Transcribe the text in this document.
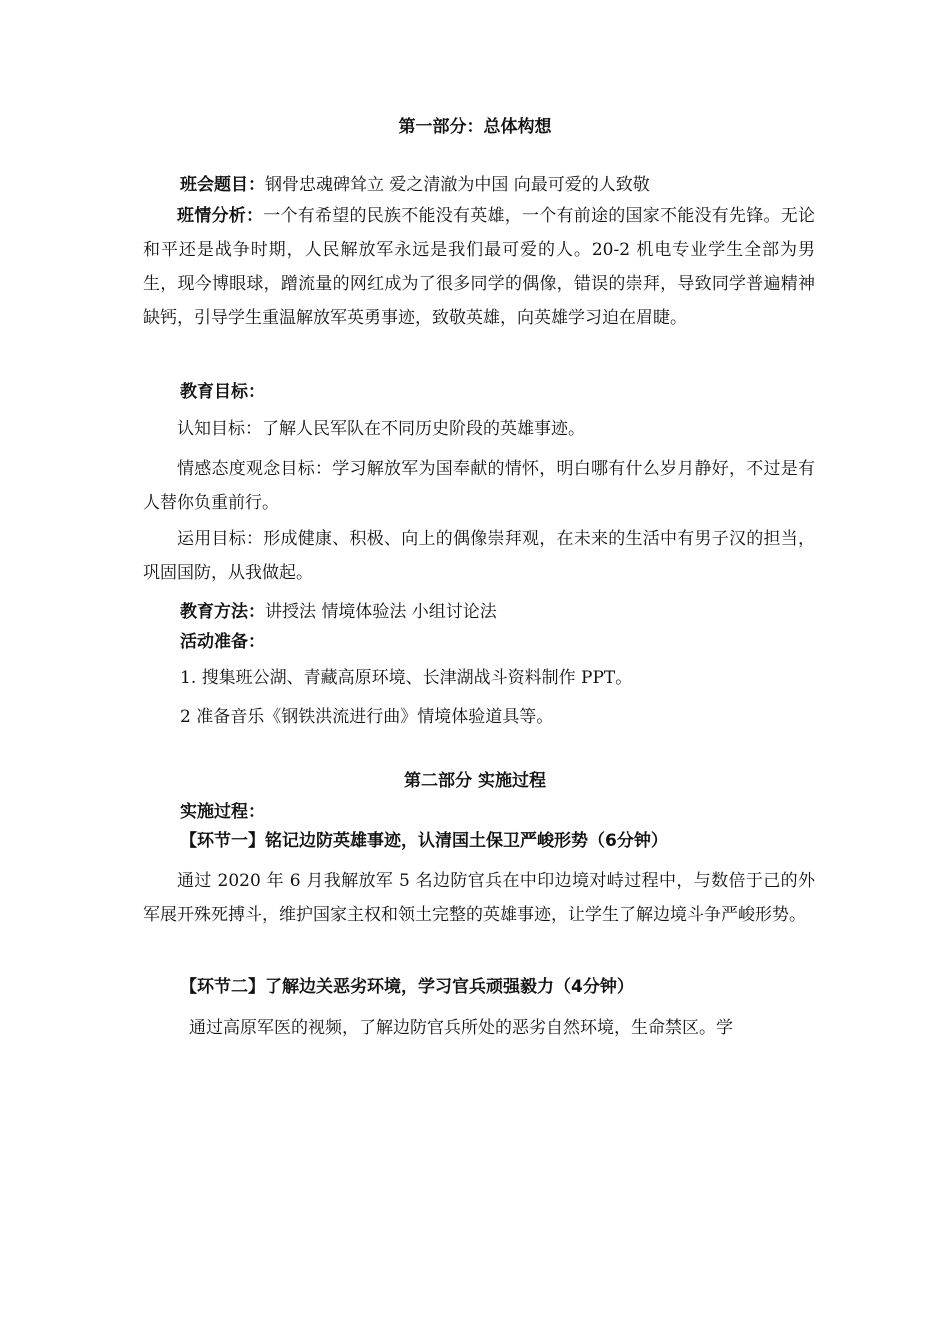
第一部分：总体构想
班会题目：钢骨忠魂碑耸立 爱之清澈为中国 向最可爱的人致敬
班情分析：一个有希望的民族不能没有英雄，一个有前途的国家不能没有先锋。无论和平还是战争时期，人民解放军永远是我们最可爱的人。20-2 机电专业学生全部为男生，现今博眼球，蹭流量的网红成为了很多同学的偶像，错误的崇拜，导致同学普遍精神缺钙，引导学生重温解放军英勇事迹，致敬英雄，向英雄学习迫在眉睫。
教育目标：
认知目标：了解人民军队在不同历史阶段的英雄事迹。
情感态度观念目标：学习解放军为国奉献的情怀，明白哪有什么岁月静好，不过是有人替你负重前行。
运用目标：形成健康、积极、向上的偶像崇拜观，在未来的生活中有男子汉的担当，巩固国防，从我做起。
教育方法：讲授法 情境体验法 小组讨论法
活动准备：
1. 搜集班公湖、青藏高原环境、长津湖战斗资料制作 PPT。
2 准备音乐《钢铁洪流进行曲》情境体验道具等。
第二部分 实施过程
实施过程：
【环节一】铭记边防英雄事迹，认清国土保卫严峻形势（6分钟）
通过 2020 年 6 月我解放军 5 名边防官兵在中印边境对峙过程中，与数倍于己的外军展开殊死搏斗，维护国家主权和领土完整的英雄事迹，让学生了解边境斗争严峻形势。
【环节二】了解边关恶劣环境，学习官兵顽强毅力（4分钟）
通过高原军医的视频，了解边防官兵所处的恶劣自然环境，生命禁区。学
